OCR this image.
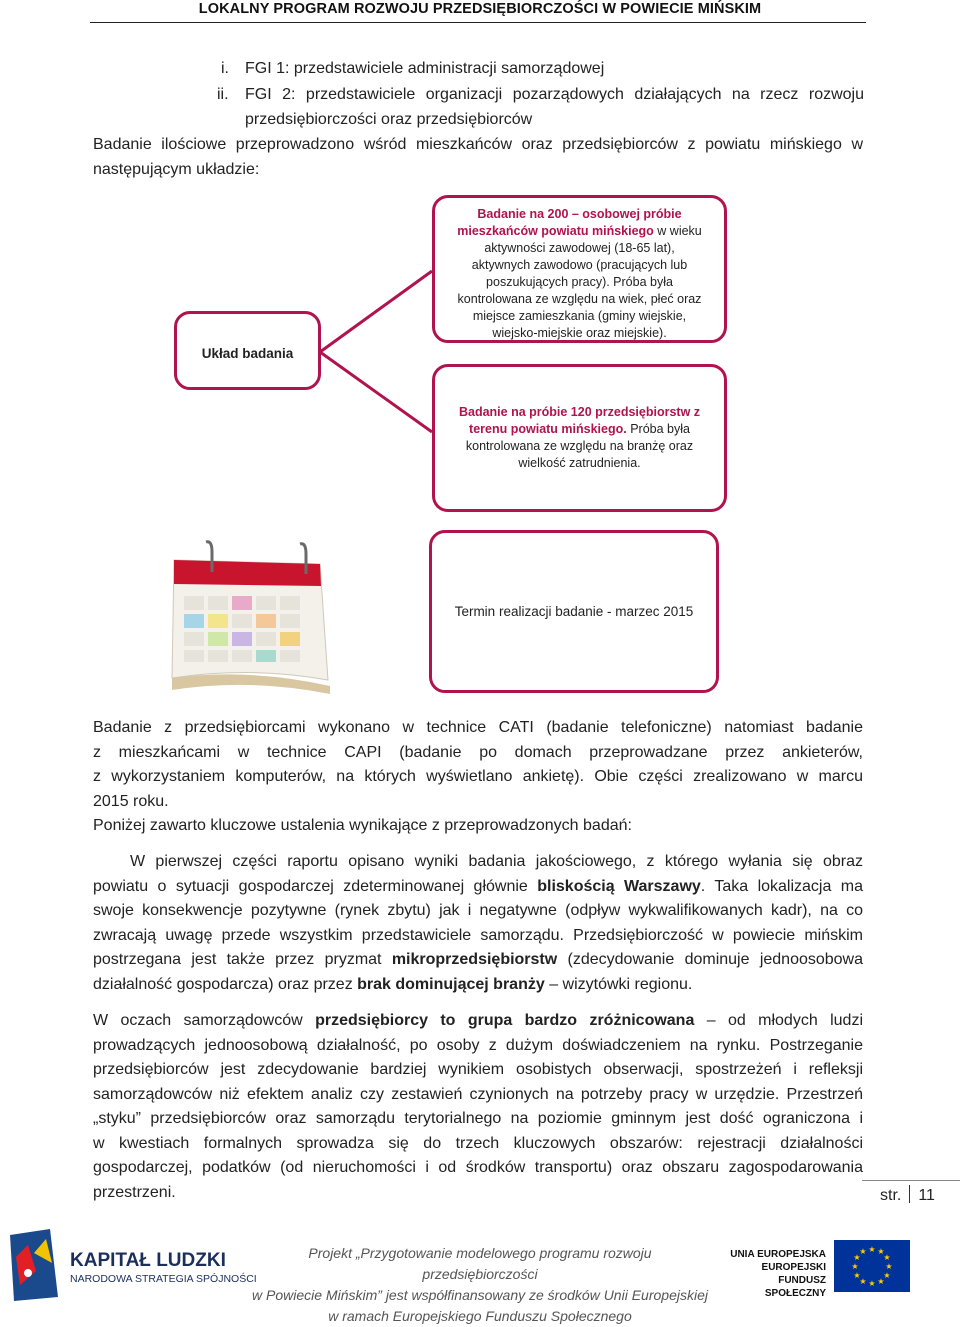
LOKALNY PROGRAM ROZWOJU PRZEDSIĘBIORCZOŚCI W POWIECIE MIŃSKIM
i. FGI 1: przedstawiciele administracji samorządowej
ii. FGI 2: przedstawiciele organizacji pozarządowych działających na rzecz rozwoju
przedsiębiorczości oraz przedsiębiorców
Badanie ilościowe przeprowadzono wśród mieszkańców oraz przedsiębiorców z powiatu mińskiego w
następującym układzie:
Układ badania
Badanie na 200 – osobowej próbie
mieszkańców powiatu mińskiego w wieku
aktywności zawodowej (18-65 lat),
aktywnych zawodowo (pracujących lub
poszukujących pracy). Próba była
kontrolowana ze względu na wiek, płeć oraz
miejsce zamieszkania (gminy wiejskie,
wiejsko-miejskie oraz miejskie).
Badanie na próbie 120 przedsiębiorstw z
terenu powiatu mińskiego. Próba była
kontrolowana ze względu na branżę oraz
wielkość zatrudnienia.
Termin realizacji badanie - marzec 2015
Badanie z przedsiębiorcami wykonano w technice CATI (badanie telefoniczne) natomiast badanie
z mieszkańcami w technice CAPI (badanie po domach przeprowadzane przez ankieterów,
z wykorzystaniem komputerów, na których wyświetlano ankietę). Obie części zrealizowano w marcu
2015 roku.
Poniżej zawarto kluczowe ustalenia wynikające z przeprowadzonych badań:
W pierwszej części raportu opisano wyniki badania jakościowego, z którego wyłania się obraz
powiatu o sytuacji gospodarczej zdeterminowanej głównie bliskością Warszawy. Taka lokalizacja ma
swoje konsekwencje pozytywne (rynek zbytu) jak i negatywne (odpływ wykwalifikowanych kadr), na co
zwracają uwagę przede wszystkim przedstawiciele samorządu. Przedsiębiorczość w powiecie mińskim
postrzegana jest także przez pryzmat mikroprzedsiębiorstw (zdecydowanie dominuje jednoosobowa
działalność gospodarcza) oraz przez brak dominującej branży – wizytówki regionu.
W oczach samorządowców przedsiębiorcy to grupa bardzo zróżnicowana – od młodych ludzi
prowadzących jednoosobową działalność, po osoby z dużym doświadczeniem na rynku. Postrzeganie
przedsiębiorców jest zdecydowanie bardziej wynikiem osobistych obserwacji, spostrzeżeń i refleksji
samorządowców niż efektem analiz czy zestawień czynionych na potrzeby pracy w urzędzie. Przestrzeń
„styku” przedsiębiorców oraz samorządu terytorialnego na poziomie gminnym jest dość ograniczona i
w kwestiach formalnych sprowadza się do trzech kluczowych obszarów: rejestracji działalności
gospodarczej, podatków (od nieruchomości i od środków transportu) oraz obszaru zagospodarowania
przestrzeni.	str. 11
KAPITAŁ LUDZKI
NARODOWA STRATEGIA SPÓJNOŚCI
Projekt „Przygotowanie modelowego programu rozwoju przedsiębiorczości
w Powiecie Mińskim” jest współfinansowany ze środków Unii Europejskiej
w ramach Europejskiego Funduszu Społecznego
UNIA EUROPEJSKA
EUROPEJSKI
FUNDUSZ SPOŁECZNY
★ ★
★
★
★
★
★
★
★
★
★
★
